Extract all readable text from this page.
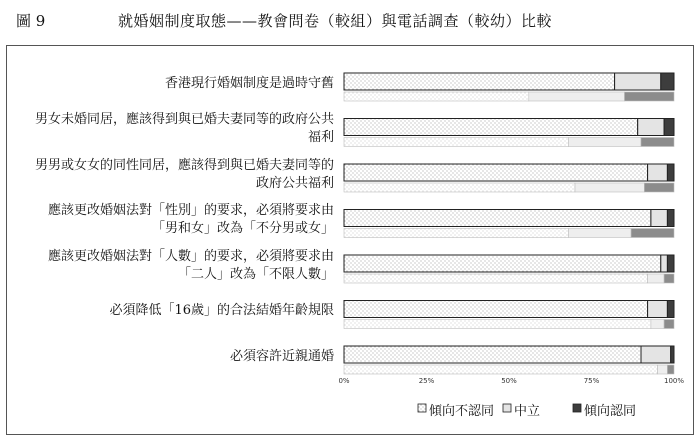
圖 9	就婚姻制度取態——教會問卷（較組）與電話調查（較幼）比較
香港現行婚姻制度是過時守舊
男女未婚同居，應該得到與已婚夫妻同等的政府公共
福利
男男或女女的同性同居，應該得到與已婚夫妻同等的
政府公共福利
應該更改婚姻法對「性別」的要求，必須將要求由
「男和女」改為「不分男或女」
應該更改婚姻法對「人數」的要求，必須將要求由
「二人」改為「不限人數」
必須降低「16歲」的合法結婚年齡規限
必須容許近親通婚
0%	25%	50%	75%	100%
傾向不認同 中立	傾向認同
